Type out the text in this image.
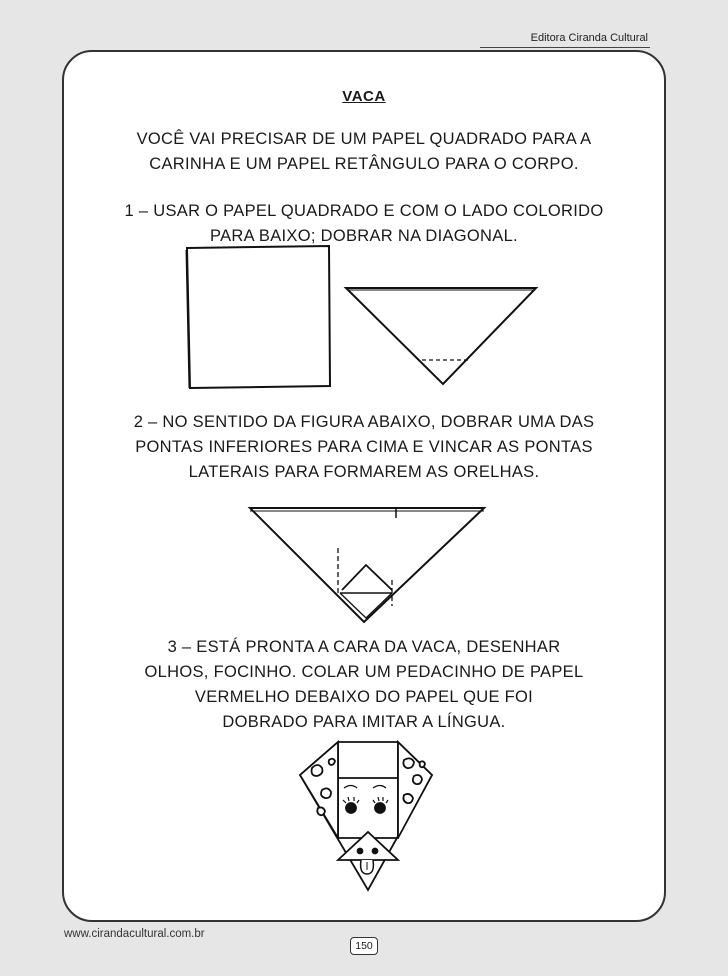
Editora Ciranda Cultural
VACA
VOCÊ VAI PRECISAR DE UM PAPEL QUADRADO PARA A
CARINHA E UM PAPEL RETÂNGULO PARA O CORPO.
1 – USAR O PAPEL QUADRADO E COM O LADO COLORIDO
PARA BAIXO; DOBRAR NA DIAGONAL.
2 – NO SENTIDO DA FIGURA ABAIXO, DOBRAR UMA DAS
PONTAS INFERIORES PARA CIMA E VINCAR AS PONTAS
LATERAIS PARA FORMAREM AS ORELHAS.
3 – ESTÁ PRONTA A CARA DA VACA, DESENHAR
OLHOS, FOCINHO. COLAR UM PEDACINHO DE PAPEL
VERMELHO DEBAIXO DO PAPEL QUE FOI
DOBRADO PARA IMITAR A LÍNGUA.
www.cirandacultural.com.br
150
